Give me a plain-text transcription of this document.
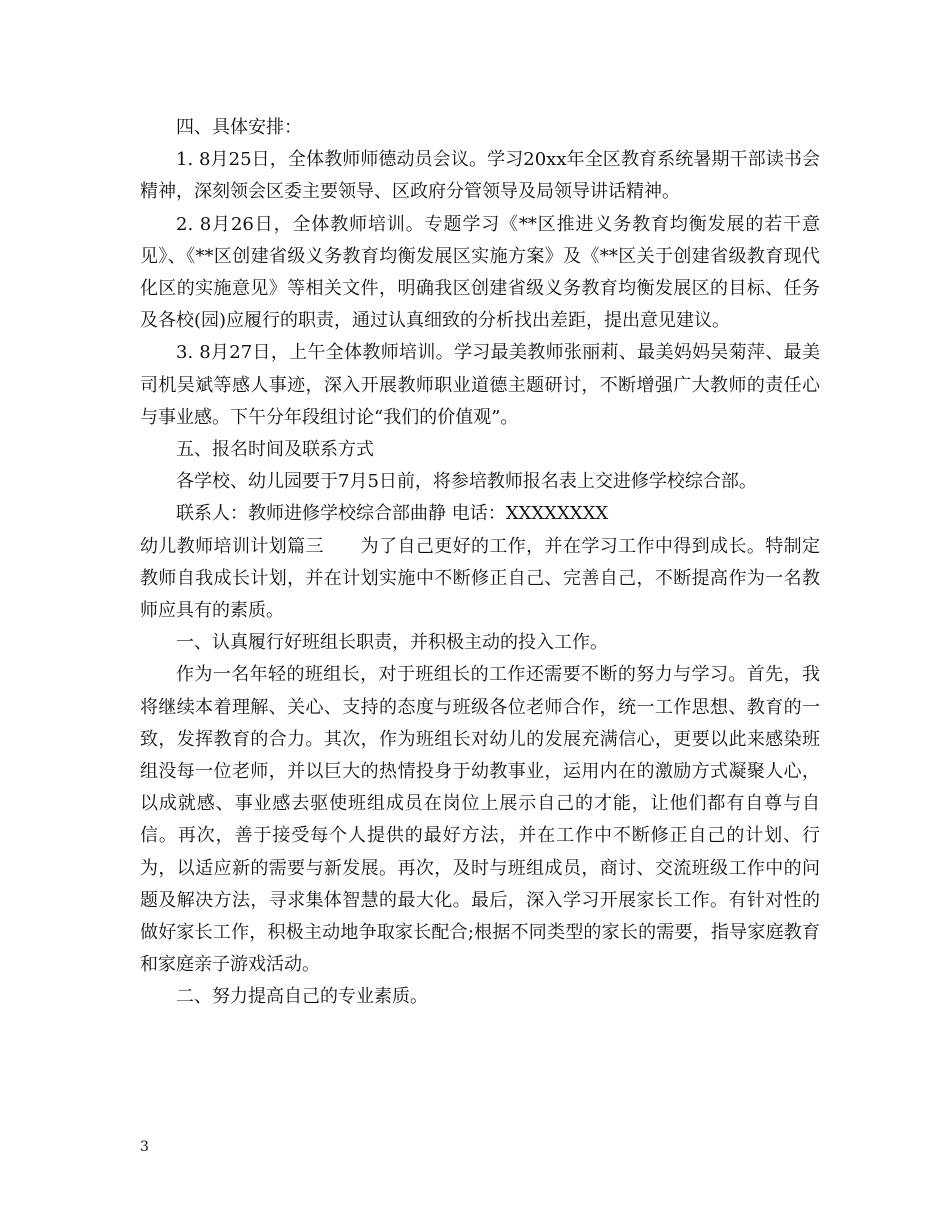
四、具体安排：

1. 8月25日，全体教师师德动员会议。学习20xx年全区教育系统暑期干部读书会精神，深刻领会区委主要领导、区政府分管领导及局领导讲话精神。

2. 8月26日，全体教师培训。专题学习《**区推进义务教育均衡发展的若干意见》、《**区创建省级义务教育均衡发展区实施方案》及《**区关于创建省级教育现代化区的实施意见》等相关文件，明确我区创建省级义务教育均衡发展区的目标、任务及各校(园)应履行的职责，通过认真细致的分析找出差距，提出意见建议。

3. 8月27日，上午全体教师培训。学习最美教师张丽莉、最美妈妈吴菊萍、最美司机吴斌等感人事迹，深入开展教师职业道德主题研讨，不断增强广大教师的责任心与事业感。下午分年段组讨论“我们的价值观”。

五、报名时间及联系方式

各学校、幼儿园要于7月5日前，将参培教师报名表上交进修学校综合部。

联系人：教师进修学校综合部曲静 电话：XXXXXXXX

幼儿教师培训计划篇三　　为了自己更好的工作，并在学习工作中得到成长。特制定教师自我成长计划，并在计划实施中不断修正自己、完善自己，不断提高作为一名教师应具有的素质。

一、认真履行好班组长职责，并积极主动的投入工作。

作为一名年轻的班组长，对于班组长的工作还需要不断的努力与学习。首先，我将继续本着理解、关心、支持的态度与班级各位老师合作，统一工作思想、教育的一致，发挥教育的合力。其次，作为班组长对幼儿的发展充满信心，更要以此来感染班组没每一位老师，并以巨大的热情投身于幼教事业，运用内在的激励方式凝聚人心，以成就感、事业感去驱使班组成员在岗位上展示自己的才能，让他们都有自尊与自信。再次，善于接受每个人提供的最好方法，并在工作中不断修正自己的计划、行为，以适应新的需要与新发展。再次，及时与班组成员，商讨、交流班级工作中的问题及解决方法，寻求集体智慧的最大化。最后，深入学习开展家长工作。有针对性的做好家长工作，积极主动地争取家长配合;根据不同类型的家长的需要，指导家庭教育和家庭亲子游戏活动。

二、努力提高自己的专业素质。

3
